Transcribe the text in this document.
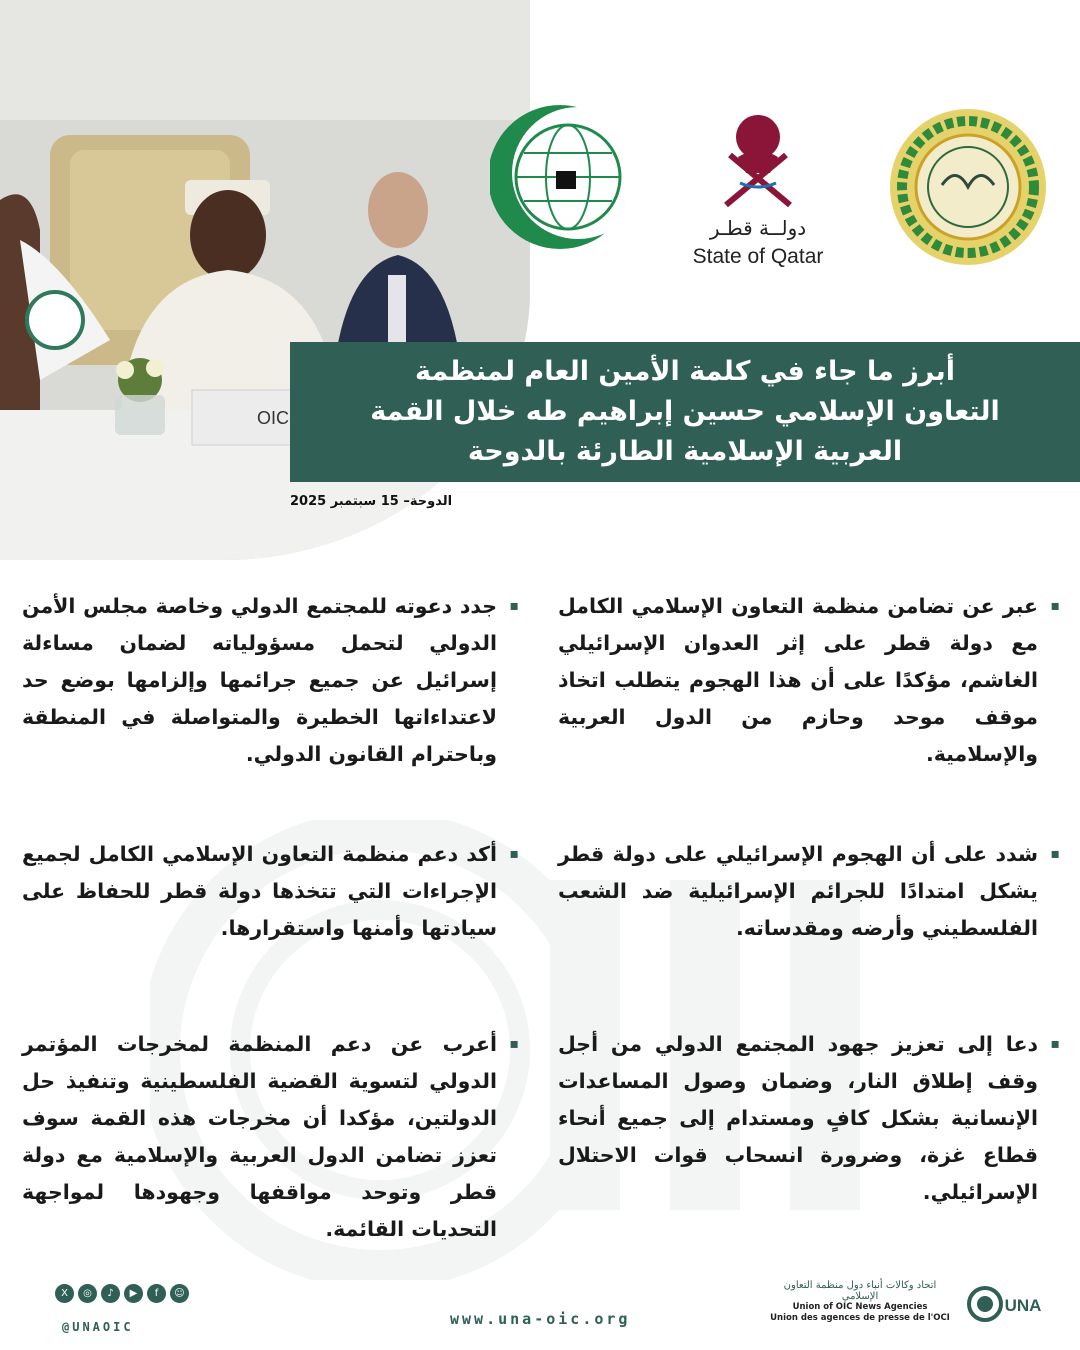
OIC
دولــة قطـر
State of Qatar
أبرز ما جاء في كلمة الأمين العام لمنظمة التعاون الإسلامي حسين إبراهيم طه خلال القمة العربية الإسلامية الطارئة بالدوحة
الدوحة– 15 سبتمبر 2025
▪
عبر عن تضامن منظمة التعاون الإسلامي الكامل مع دولة قطر على إثر العدوان الإسرائيلي الغاشم، مؤكدًا على أن هذا الهجوم يتطلب اتخاذ موقف موحد وحازم من الدول العربية والإسلامية.
▪
شدد على أن الهجوم الإسرائيلي على دولة قطر يشكل امتدادًا للجرائم الإسرائيلية ضد الشعب الفلسطيني وأرضه ومقدساته.
▪
دعا إلى تعزيز جهود المجتمع الدولي من أجل وقف إطلاق النار، وضمان وصول المساعدات الإنسانية بشكل كافٍ ومستدام إلى جميع أنحاء قطاع غزة، وضرورة انسحاب قوات الاحتلال الإسرائيلي.
▪
جدد دعوته للمجتمع الدولي وخاصة مجلس الأمن الدولي لتحمل مسؤولياته لضمان مساءلة إسرائيل عن جميع جرائمها وإلزامها بوضع حد لاعتداءاتها الخطيرة والمتواصلة في المنطقة وباحترام القانون الدولي.
▪
أكد دعم منظمة التعاون الإسلامي الكامل لجميع الإجراءات التي تتخذها دولة قطر للحفاظ على سيادتها وأمنها واستقرارها.
▪
أعرب عن دعم المنظمة لمخرجات المؤتمر الدولي لتسوية القضية الفلسطينية وتنفيذ حل الدولتين، مؤكدا أن مخرجات هذه القمة سوف تعزز تضامن الدول العربية والإسلامية مع دولة قطر وتوحد مواقفها وجهودها لمواجهة التحديات القائمة.
X	◎	♪	▶	f	☺
@UNAOIC	www.una-oic.org
اتحاد وكالات أنباء دول منظمة التعاون الإسلامي
Union of OIC News Agencies
Union des agences de presse de l'OCI
UNA
